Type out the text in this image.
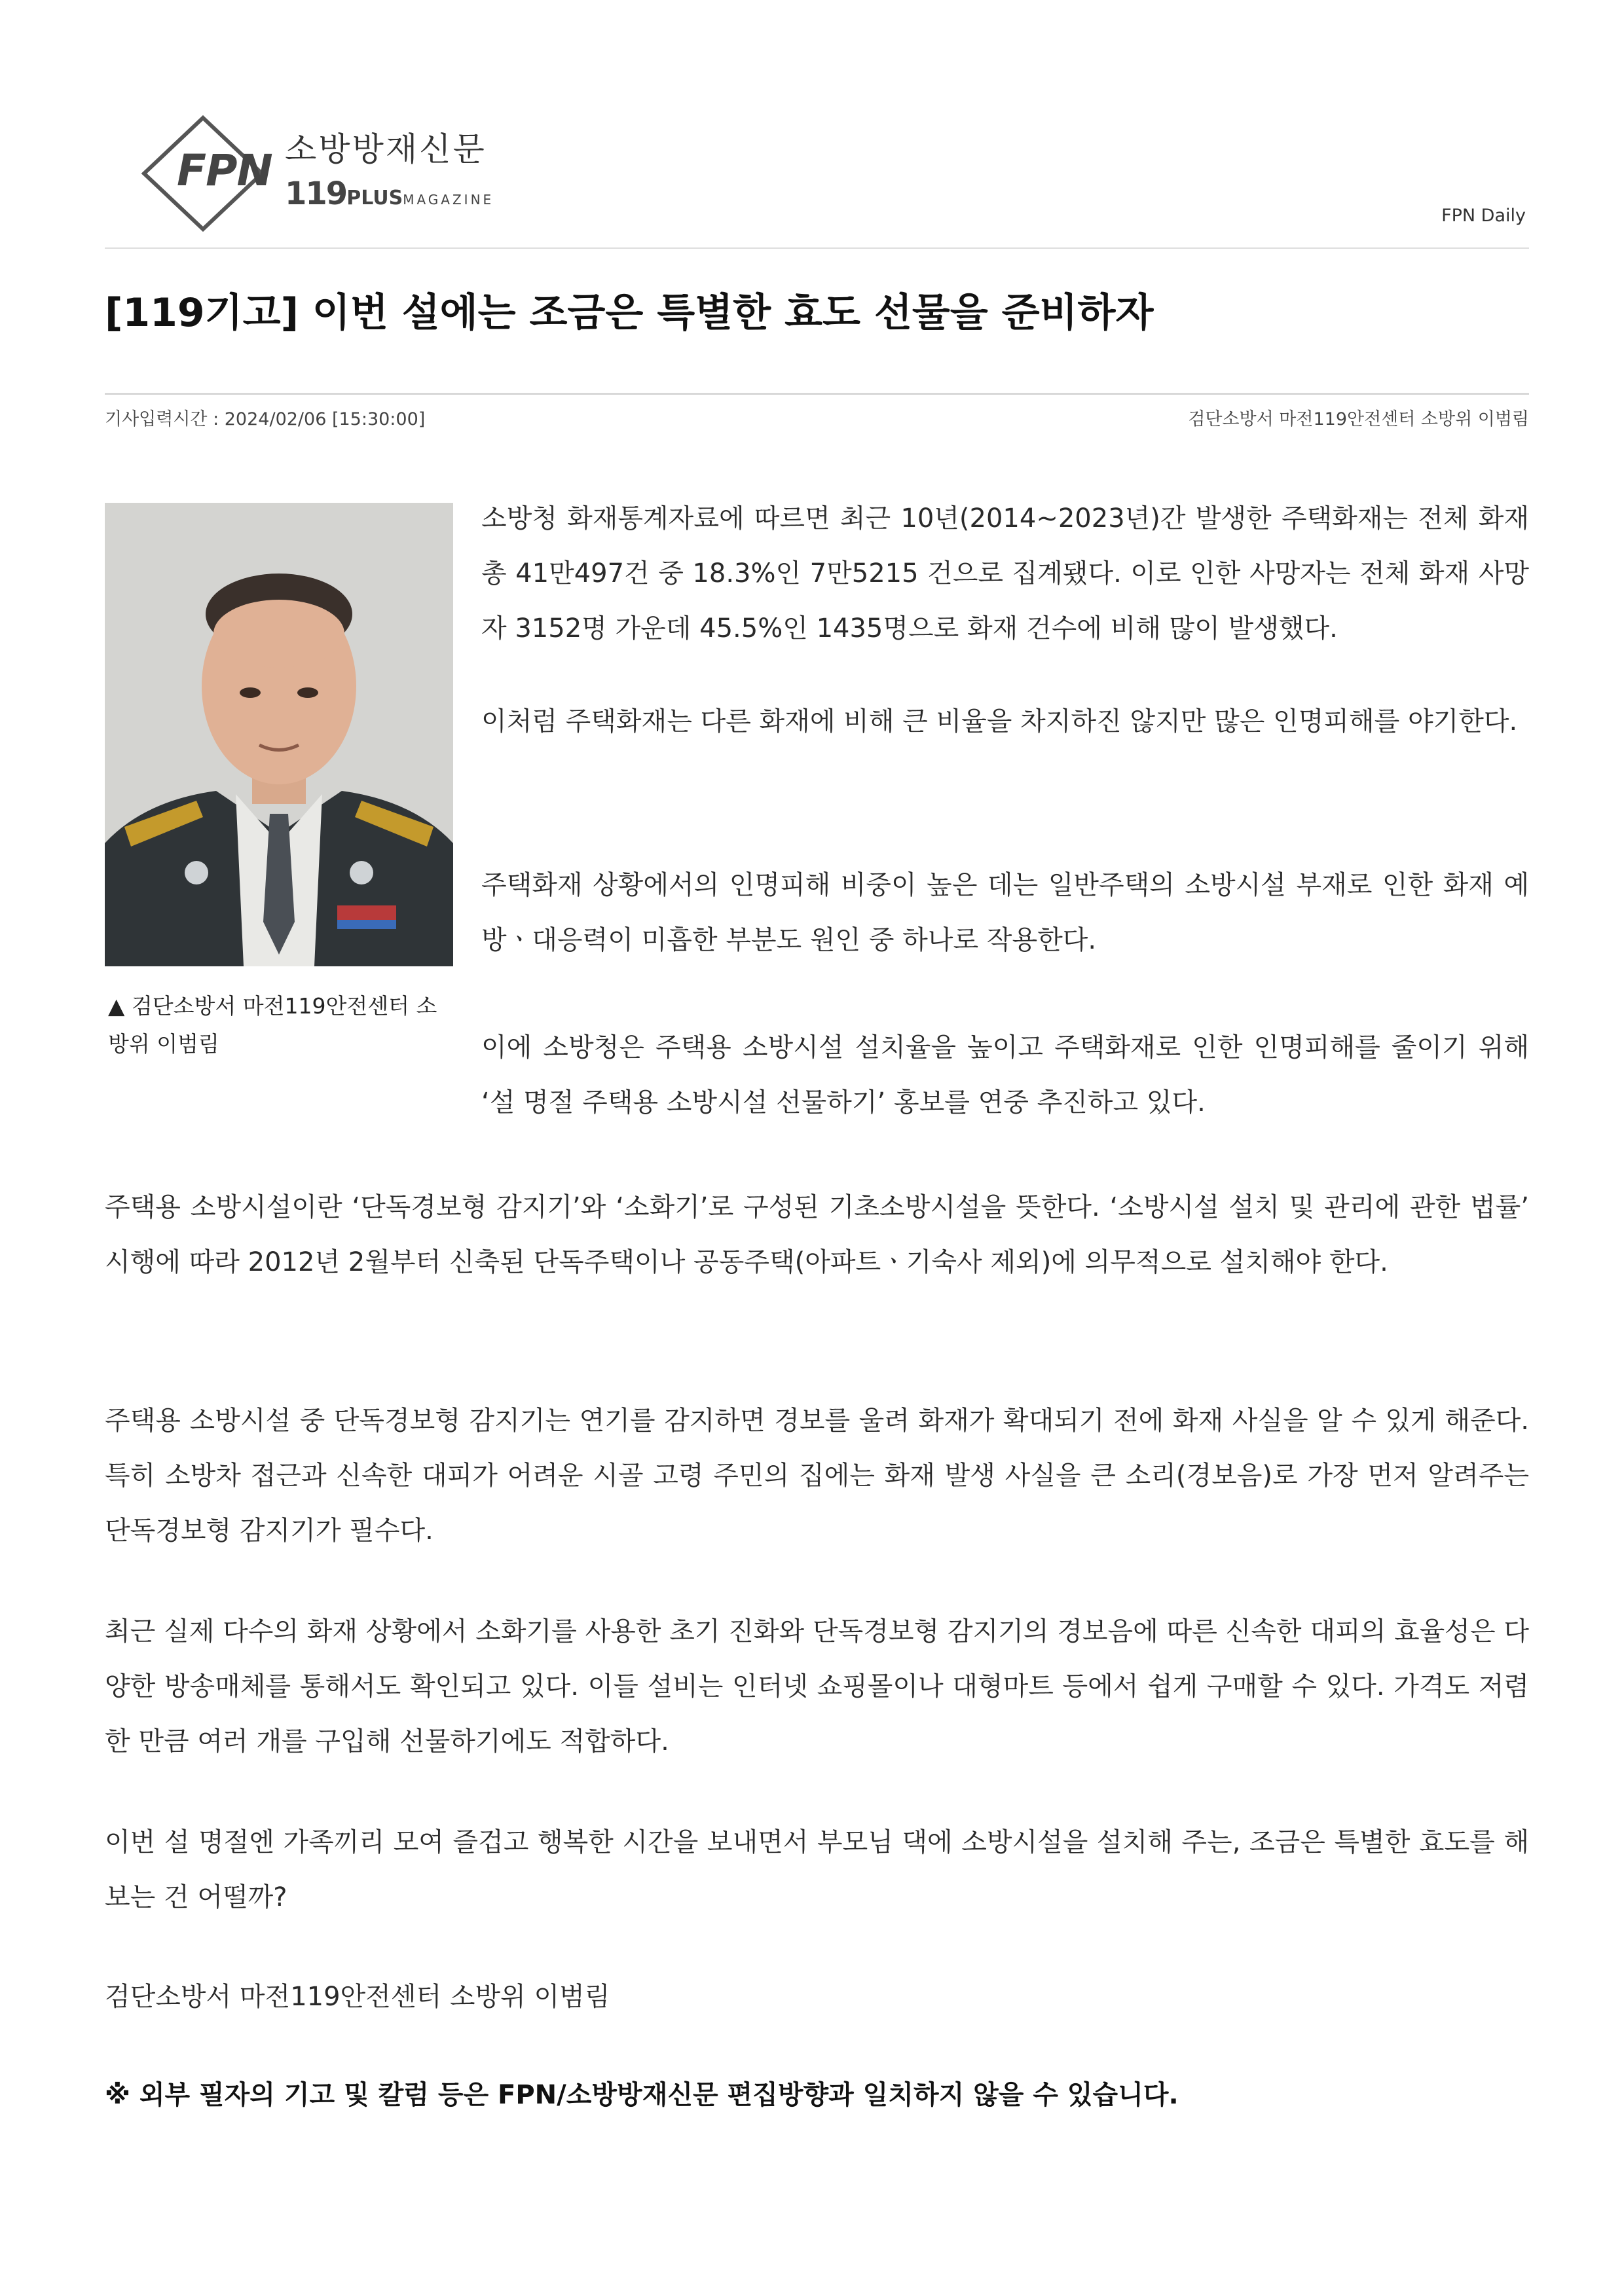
FPN 소방방재신문
119PLUSMAGAZINE
FPN Daily
[119기고] 이번 설에는 조금은 특별한 효도 선물을 준비하자
기사입력시간 : 2024/02/06 [15:30:00]	검단소방서 마전119안전센터 소방위 이범림
▲ 검단소방서 마전119안전센터 소방위 이범림

소방청 화재통계자료에 따르면 최근 10년(2014~2023년)간 발생한 주택화재는 전체 화재 총 41만497건 중 18.3%인 7만5215 건으로 집계됐다. 이로 인한 사망자는 전체 화재 사망자 3152명 가운데 45.5%인 1435명으로 화재 건수에 비해 많이 발생했다.

이처럼 주택화재는 다른 화재에 비해 큰 비율을 차지하진 않지만 많은 인명피해를 야기한다.

주택화재 상황에서의 인명피해 비중이 높은 데는 일반주택의 소방시설 부재로 인한 화재 예방ㆍ대응력이 미흡한 부분도 원인 중 하나로 작용한다.

이에 소방청은 주택용 소방시설 설치율을 높이고 주택화재로 인한 인명피해를 줄이기 위해 ‘설 명절 주택용 소방시설 선물하기’ 홍보를 연중 추진하고 있다.

주택용 소방시설이란 ‘단독경보형 감지기’와 ‘소화기’로 구성된 기초소방시설을 뜻한다. ‘소방시설 설치 및 관리에 관한 법률’ 시행에 따라 2012년 2월부터 신축된 단독주택이나 공동주택(아파트ㆍ기숙사 제외)에 의무적으로 설치해야 한다.

주택용 소방시설 중 단독경보형 감지기는 연기를 감지하면 경보를 울려 화재가 확대되기 전에 화재 사실을 알 수 있게 해준다. 특히 소방차 접근과 신속한 대피가 어려운 시골 고령 주민의 집에는 화재 발생 사실을 큰 소리(경보음)로 가장 먼저 알려주는 단독경보형 감지기가 필수다.

최근 실제 다수의 화재 상황에서 소화기를 사용한 초기 진화와 단독경보형 감지기의 경보음에 따른 신속한 대피의 효율성은 다양한 방송매체를 통해서도 확인되고 있다. 이들 설비는 인터넷 쇼핑몰이나 대형마트 등에서 쉽게 구매할 수 있다. 가격도 저렴한 만큼 여러 개를 구입해 선물하기에도 적합하다.

이번 설 명절엔 가족끼리 모여 즐겁고 행복한 시간을 보내면서 부모님 댁에 소방시설을 설치해 주는, 조금은 특별한 효도를 해보는 건 어떨까?

검단소방서 마전119안전센터 소방위 이범림

※ 외부 필자의 기고 및 칼럼 등은 FPN/소방방재신문 편집방향과 일치하지 않을 수 있습니다.
